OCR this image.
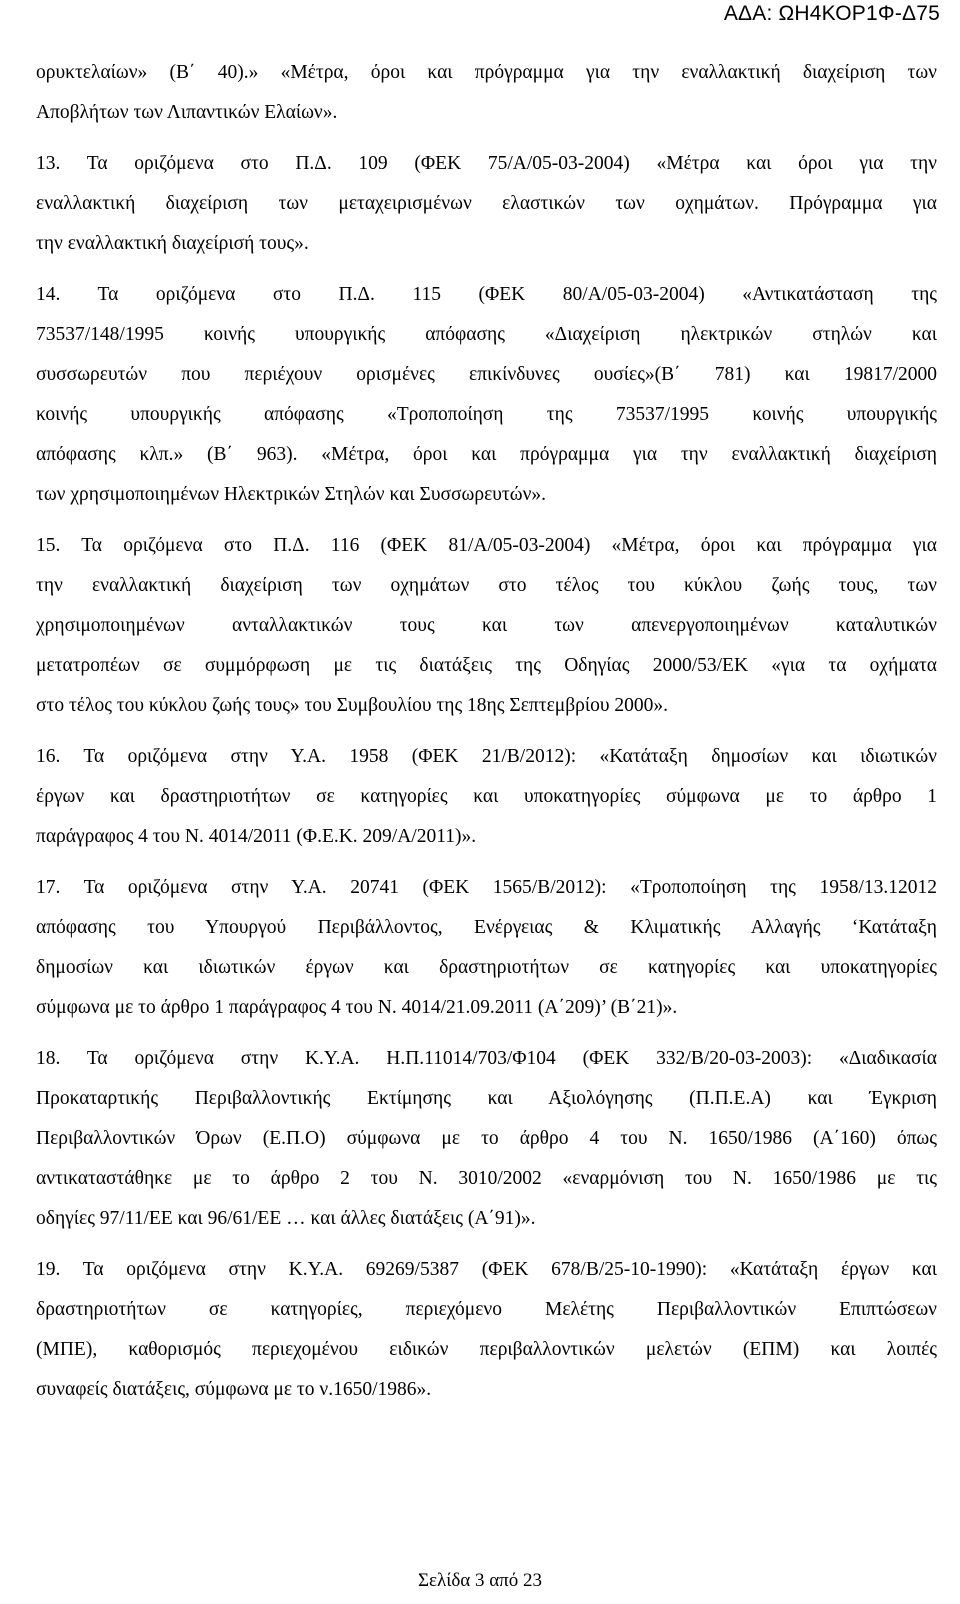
ΑΔΑ: ΩΗ4ΚΟΡ1Φ-Δ75
ορυκτελαίων» (Β΄ 40).» «Μέτρα, όροι και πρόγραμμα για την εναλλακτική διαχείριση των
Αποβλήτων των Λιπαντικών Ελαίων».
13. Τα οριζόμενα στο Π.Δ. 109 (ΦΕΚ 75/Α/05-03-2004) «Μέτρα και όροι για την
εναλλακτική διαχείριση των μεταχειρισμένων ελαστικών των οχημάτων. Πρόγραμμα για
την εναλλακτική διαχείρισή τους».
14. Τα οριζόμενα στο Π.Δ. 115 (ΦΕΚ 80/Α/05-03-2004) «Αντικατάσταση της
73537/148/1995 κοινής υπουργικής απόφασης «Διαχείριση ηλεκτρικών στηλών και
συσσωρευτών που περιέχουν ορισμένες επικίνδυνες ουσίες»(Β΄ 781) και 19817/2000
κοινής υπουργικής απόφασης «Τροποποίηση της 73537/1995 κοινής υπουργικής
απόφασης κλπ.» (Β΄ 963). «Μέτρα, όροι και πρόγραμμα για την εναλλακτική διαχείριση
των χρησιμοποιημένων Ηλεκτρικών Στηλών και Συσσωρευτών».
15. Τα οριζόμενα στο Π.Δ. 116 (ΦΕΚ 81/Α/05-03-2004) «Μέτρα, όροι και πρόγραμμα για
την εναλλακτική διαχείριση των οχημάτων στο τέλος του κύκλου ζωής τους, των
χρησιμοποιημένων ανταλλακτικών τους και των απενεργοποιημένων καταλυτικών
μετατροπέων σε συμμόρφωση με τις διατάξεις της Οδηγίας 2000/53/ΕΚ «για τα οχήματα
στο τέλος του κύκλου ζωής τους» του Συμβουλίου της 18ης Σεπτεμβρίου 2000».
16. Τα οριζόμενα στην Υ.Α. 1958 (ΦΕΚ 21/Β/2012): «Κατάταξη δημοσίων και ιδιωτικών
έργων και δραστηριοτήτων σε κατηγορίες και υποκατηγορίες σύμφωνα με το άρθρο 1
παράγραφος 4 του Ν. 4014/2011 (Φ.Ε.Κ. 209/Α/2011)».
17. Τα οριζόμενα στην Υ.Α. 20741 (ΦΕΚ 1565/Β/2012): «Τροποποίηση της 1958/13.12012
απόφασης του Υπουργού Περιβάλλοντος, Ενέργειας & Κλιματικής Αλλαγής ‘Κατάταξη
δημοσίων και ιδιωτικών έργων και δραστηριοτήτων σε κατηγορίες και υποκατηγορίες
σύμφωνα με το άρθρο 1 παράγραφος 4 του Ν. 4014/21.09.2011 (Α΄209)’ (Β΄21)».
18. Τα οριζόμενα στην Κ.Υ.Α. Η.Π.11014/703/Φ104 (ΦΕΚ 332/Β/20-03-2003): «Διαδικασία
Προκαταρτικής Περιβαλλοντικής Εκτίμησης και Αξιολόγησης (Π.Π.Ε.Α) και Έγκριση
Περιβαλλοντικών Όρων (Ε.Π.Ο) σύμφωνα με το άρθρο 4 του Ν. 1650/1986 (Α΄160) όπως
αντικαταστάθηκε με το άρθρο 2 του Ν. 3010/2002 «εναρμόνιση του Ν. 1650/1986 με τις
οδηγίες 97/11/ΕΕ και 96/61/ΕΕ … και άλλες διατάξεις (Α΄91)».
19. Τα οριζόμενα στην Κ.Υ.Α. 69269/5387 (ΦΕΚ 678/Β/25-10-1990): «Κατάταξη έργων και
δραστηριοτήτων σε κατηγορίες, περιεχόμενο Μελέτης Περιβαλλοντικών Επιπτώσεων
(ΜΠΕ), καθορισμός περιεχομένου ειδικών περιβαλλοντικών μελετών (ΕΠΜ) και λοιπές
συναφείς διατάξεις, σύμφωνα με το ν.1650/1986».
Σελίδα 3 από 23
